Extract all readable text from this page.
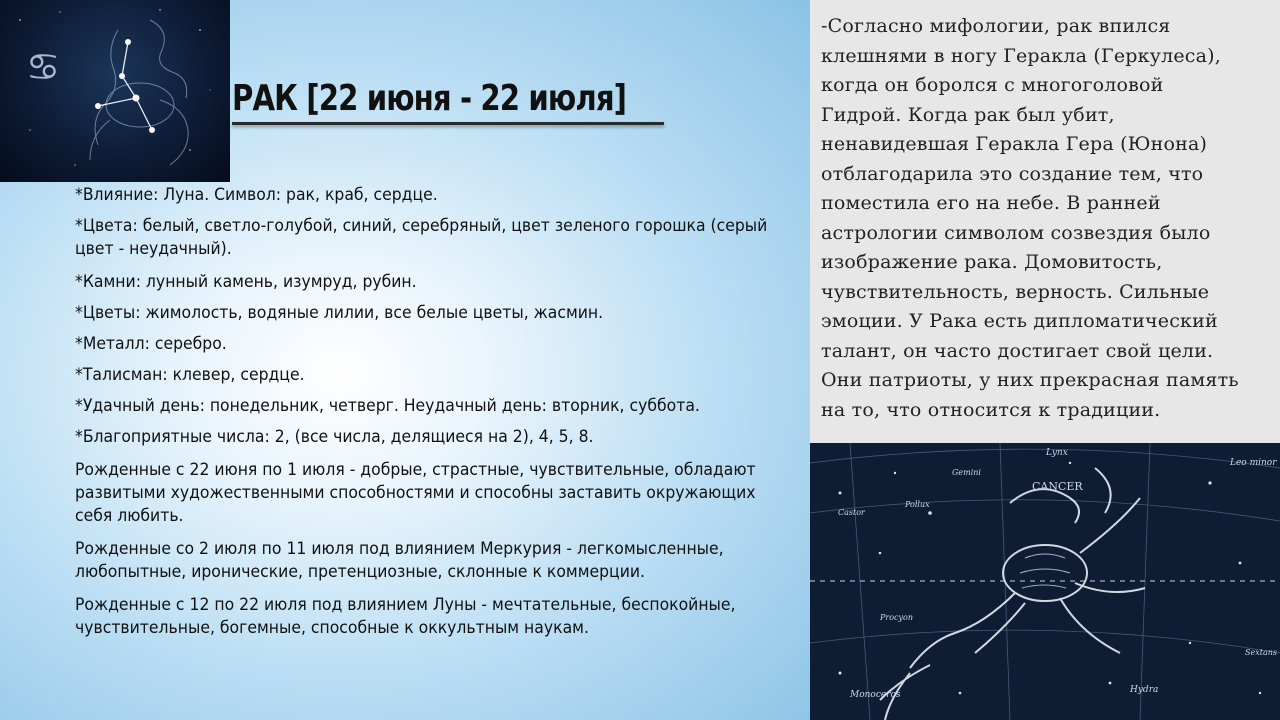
♋
РАК [22 июня - 22 июля]

*Влияние: Луна. Символ: рак, краб, сердце.

*Цвета: белый, светло-голубой, синий, серебряный, цвет зеленого горошка (серый цвет - неудачный).

*Камни: лунный камень, изумруд, рубин.

*Цветы: жимолость, водяные лилии, все белые цветы, жасмин.

*Металл: серебро.

*Талисман: клевер, сердце.

*Удачный день: понедельник, четверг. Неудачный день: вторник, суббота.

*Благоприятные числа: 2, (все числа, делящиеся на 2), 4, 5, 8.

Рожденные с 22 июня по 1 июля - добрые, страстные, чувствительные, обладают развитыми художественными способностями и способны заставить окружающих себя любить.

Рожденные со 2 июля по 11 июля под влиянием Меркурия - легкомысленные, любопытные, иронические, претенциозные, склонные к коммерции.

Рожденные с 12 по 22 июля под влиянием Луны - мечтательные, беспокойные, чувствительные, богемные, способные к оккультным наукам.

-Согласно мифологии, рак впился
клешнями в ногу Геракла (Геркулеса),
когда он боролся с многоголовой
Гидрой. Когда рак был убит,
ненавидевшая Геракла Гера (Юнона)
отблагодарила это создание тем, что
поместила его на небе. В ранней
астрологии символом созвездия было
изображение рака. Домовитость,
чувствительность, верность. Сильные
эмоции. У Рака есть дипломатический
талант, он часто достигает свой цели.
Они патриоты, у них прекрасная память
на то, что относится к традиции.
CANCER
Lynx
Gemini
Leo minor
Castor
Pollux
Monoceros	Hydra
Sextans
Procyon
